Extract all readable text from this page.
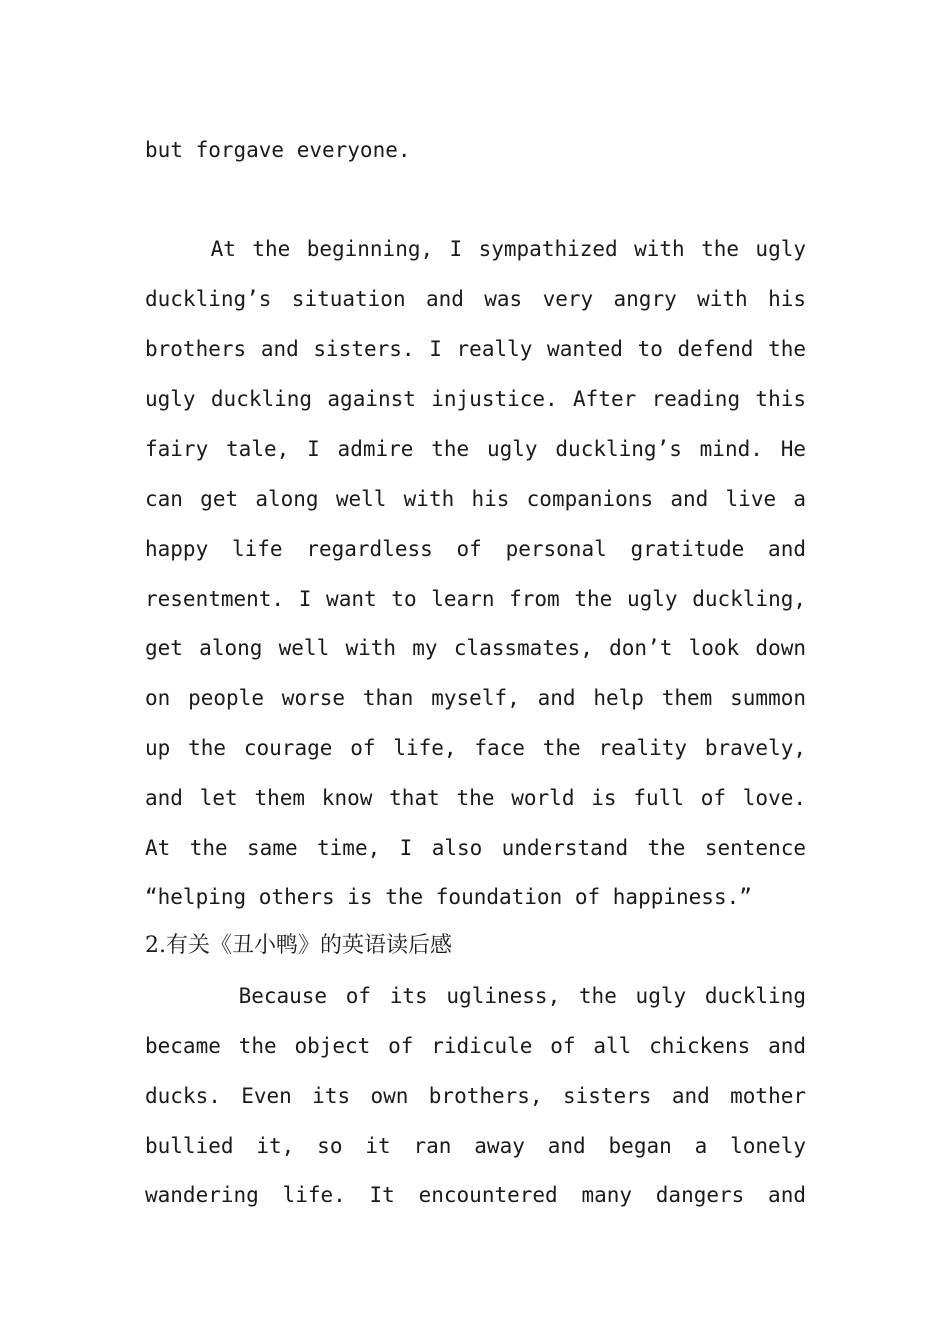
but forgave everyone.
At the beginning, I sympathized with the ugly
duckling’s situation and was very angry with his
brothers and sisters. I really wanted to defend the
ugly duckling against injustice. After reading this
fairy tale, I admire the ugly duckling’s mind. He
can get along well with his companions and live a
happy life regardless of personal gratitude and
resentment. I want to learn from the ugly duckling,
get along well with my classmates, don’t look down
on people worse than myself, and help them summon
up the courage of life, face the reality bravely,
and let them know that the world is full of love.
At the same time, I also understand the sentence
“helping others is the foundation of happiness.”
2.有关《丑小鸭》的英语读后感
Because of its ugliness, the ugly duckling
became the object of ridicule of all chickens and
ducks. Even its own brothers, sisters and mother
bullied it, so it ran away and began a lonely
wandering life. It encountered many dangers and
